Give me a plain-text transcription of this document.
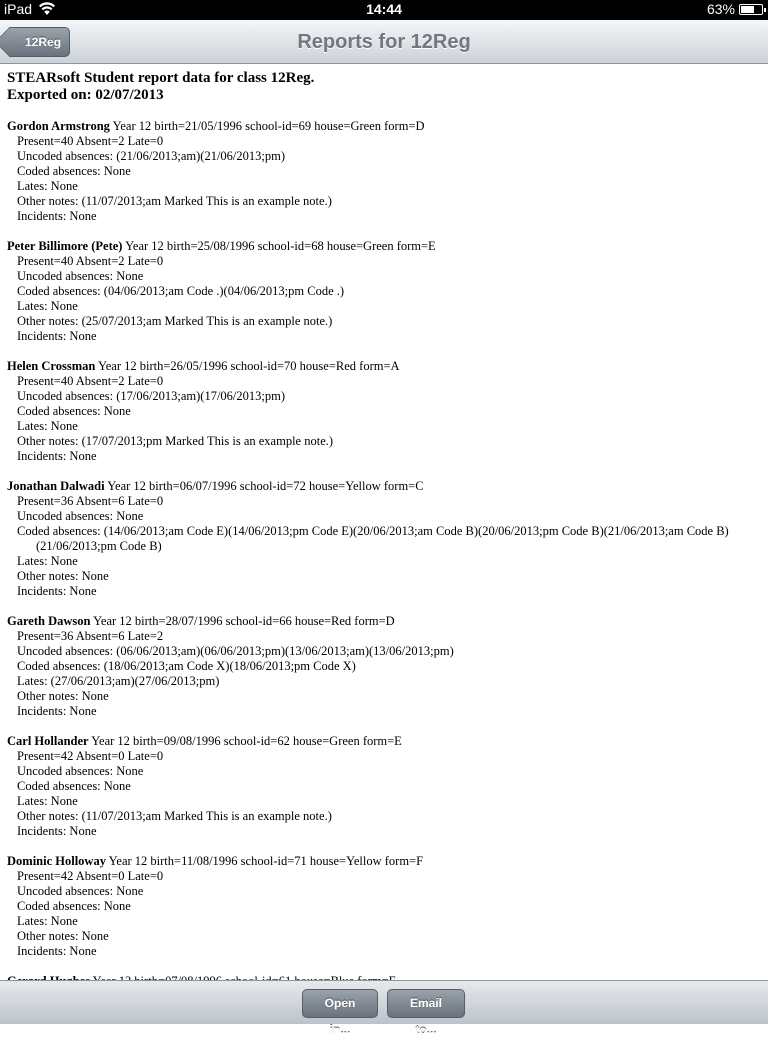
iPad	14:44	63%
12Reg	Reports for 12Reg
STEARsoft Student report data for class 12Reg.
Exported on: 02/07/2013
Gordon Armstrong Year 12 birth=21/05/1996 school-id=69 house=Green form=D
Present=40 Absent=2 Late=0
Uncoded absences: (21/06/2013;am)(21/06/2013;pm)
Coded absences: None
Lates: None
Other notes: (11/07/2013;am Marked This is an example note.)
Incidents: None
Peter Billimore (Pete) Year 12 birth=25/08/1996 school-id=68 house=Green form=E
Present=40 Absent=2 Late=0
Uncoded absences: None
Coded absences: (04/06/2013;am Code .)(04/06/2013;pm Code .)
Lates: None
Other notes: (25/07/2013;am Marked This is an example note.)
Incidents: None
Helen Crossman Year 12 birth=26/05/1996 school-id=70 house=Red form=A
Present=40 Absent=2 Late=0
Uncoded absences: (17/06/2013;am)(17/06/2013;pm)
Coded absences: None
Lates: None
Other notes: (17/07/2013;pm Marked This is an example note.)
Incidents: None
Jonathan Dalwadi Year 12 birth=06/07/1996 school-id=72 house=Yellow form=C
Present=36 Absent=6 Late=0
Uncoded absences: None
Coded absences: (14/06/2013;am Code E)(14/06/2013;pm Code E)(20/06/2013;am Code B)(20/06/2013;pm Code B)(21/06/2013;am Code B)(21/06/2013;pm Code B)
Lates: None
Other notes: None
Incidents: None
Gareth Dawson Year 12 birth=28/07/1996 school-id=66 house=Red form=D
Present=36 Absent=6 Late=2
Uncoded absences: (06/06/2013;am)(06/06/2013;pm)(13/06/2013;am)(13/06/2013;pm)
Coded absences: (18/06/2013;am Code X)(18/06/2013;pm Code X)
Lates: (27/06/2013;am)(27/06/2013;pm)
Other notes: None
Incidents: None
Carl Hollander Year 12 birth=09/08/1996 school-id=62 house=Green form=E
Present=42 Absent=0 Late=0
Uncoded absences: None
Coded absences: None
Lates: None
Other notes: (11/07/2013;am Marked This is an example note.)
Incidents: None
Dominic Holloway Year 12 birth=11/08/1996 school-id=71 house=Yellow form=F
Present=42 Absent=0 Late=0
Uncoded absences: None
Coded absences: None
Lates: None
Other notes: None
Incidents: None
Open in...
Email to...
